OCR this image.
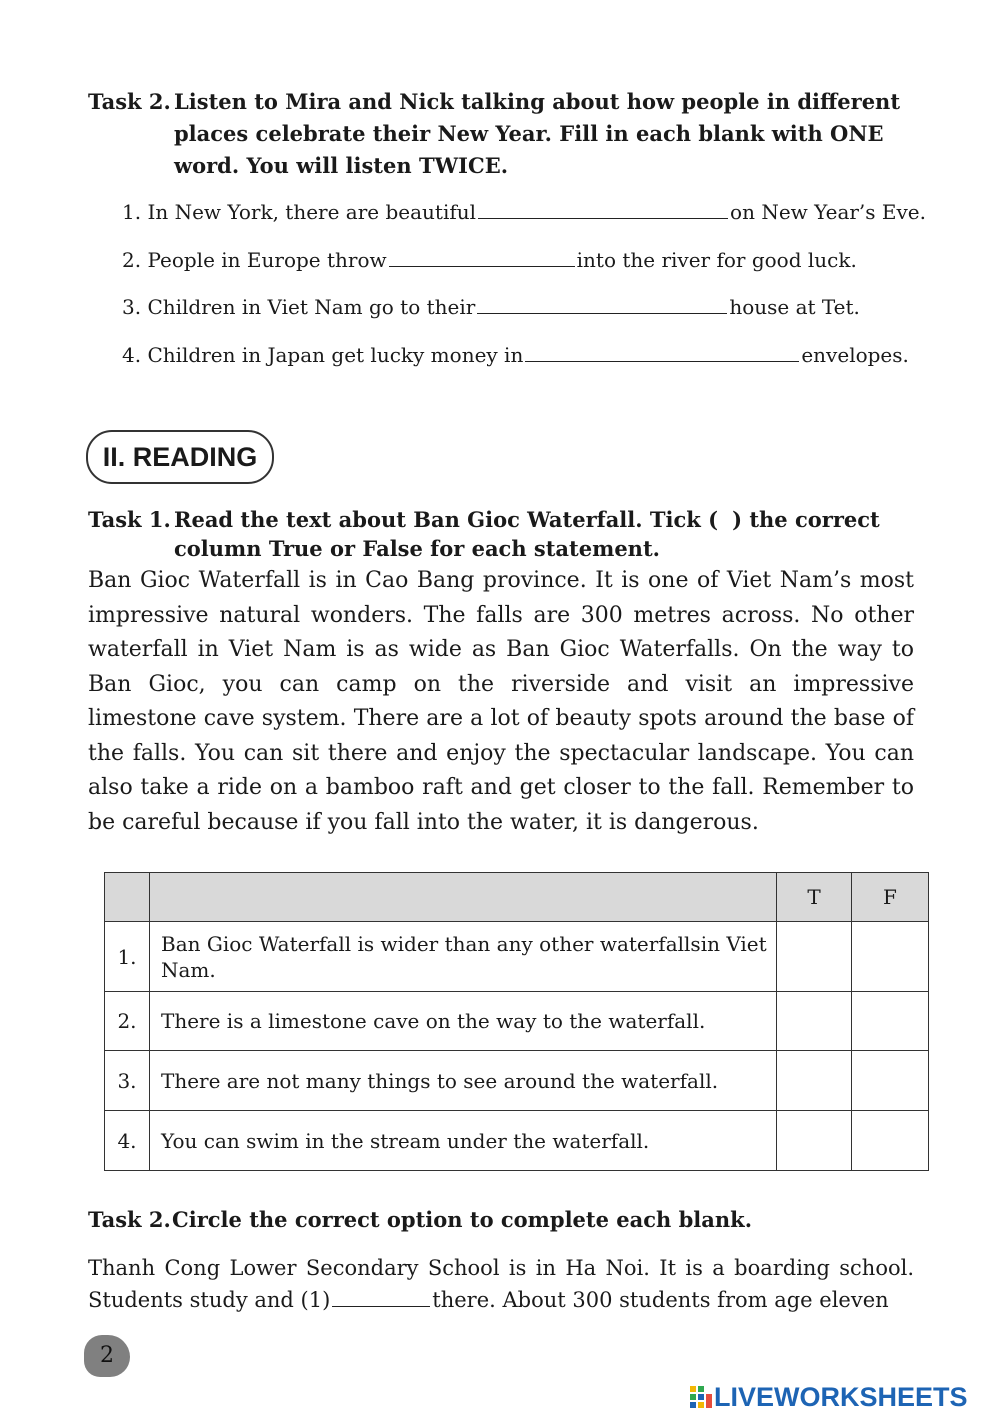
Task 2. Listen to Mira and Nick talking about how people in different places celebrate their New Year. Fill in each blank with ONE word. You will listen TWICE.
1. In New York, there are beautiful	on New Year’s Eve.
2. People in Europe throw	into the river for good luck.
3. Children in Viet Nam go to their	house at Tet.
4. Children in Japan get lucky money in	envelopes.
II. READING
Task 1. Read the text about Ban Gioc Waterfall. Tick ( ) the correct column True or False for each statement.
Ban Gioc Waterfall is in Cao Bang province. It is one of Viet Nam’s most impressive natural wonders. The falls are 300 metres across. No other waterfall in Viet Nam is as wide as Ban Gioc Waterfalls. On the way to Ban Gioc, you can camp on the riverside and visit an impressive limestone cave system. There are a lot of beauty spots around the base of the falls. You can sit there and enjoy the spectacular landscape. You can also take a ride on a bamboo raft and get closer to the fall. Remember to be careful because if you fall into the water, it is dangerous.
		T	F
1.	Ban Gioc Waterfall is wider than any other waterfallsin Viet Nam.		
2.	There is a limestone cave on the way to the waterfall.		
3.	There are not many things to see around the waterfall.		
4.	You can swim in the stream under the waterfall.		
Task 2. Circle the correct option to complete each blank.
Thanh Cong Lower Secondary School is in Ha Noi. It is a boarding school. Students study and (1)	there. About 300 students from age eleven
2
LIVEWORKSHEETS
